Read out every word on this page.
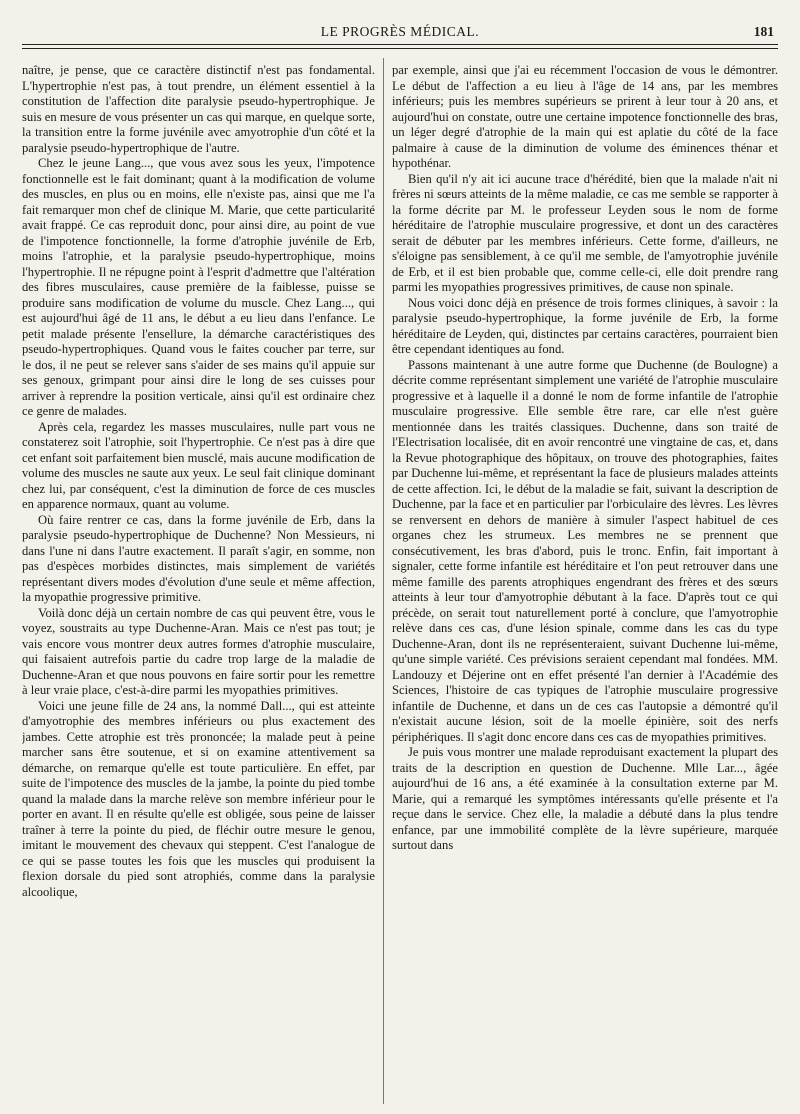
LE PROGRÈS MÉDICAL.	181

naître, je pense, que ce caractère distinctif n'est pas fondamental. L'hypertrophie n'est pas, à tout prendre, un élément essentiel à la constitution de l'affection dite paralysie pseudo-hypertrophique. Je suis en mesure de vous présenter un cas qui marque, en quelque sorte, la transition entre la forme juvénile avec amyotrophie d'un côté et la paralysie pseudo-hypertrophique de l'autre.

Chez le jeune Lang..., que vous avez sous les yeux, l'impotence fonctionnelle est le fait dominant; quant à la modification de volume des muscles, en plus ou en moins, elle n'existe pas, ainsi que me l'a fait remarquer mon chef de clinique M. Marie, que cette particularité avait frappé. Ce cas reproduit donc, pour ainsi dire, au point de vue de l'impotence fonctionnelle, la forme d'atrophie juvénile de Erb, moins l'atrophie, et la paralysie pseudo-hypertrophique, moins l'hypertrophie. Il ne répugne point à l'esprit d'admettre que l'altération des fibres musculaires, cause première de la faiblesse, puisse se produire sans modification de volume du muscle. Chez Lang..., qui est aujourd'hui âgé de 11 ans, le début a eu lieu dans l'enfance. Le petit malade présente l'ensellure, la démarche caractéristiques des pseudo-hypertrophiques. Quand vous le faites coucher par terre, sur le dos, il ne peut se relever sans s'aider de ses mains qu'il appuie sur ses genoux, grimpant pour ainsi dire le long de ses cuisses pour arriver à reprendre la position verticale, ainsi qu'il est ordinaire chez ce genre de malades.

Après cela, regardez les masses musculaires, nulle part vous ne constaterez soit l'atrophie, soit l'hypertrophie. Ce n'est pas à dire que cet enfant soit parfaitement bien musclé, mais aucune modification de volume des muscles ne saute aux yeux. Le seul fait clinique dominant chez lui, par conséquent, c'est la diminution de force de ces muscles en apparence normaux, quant au volume.

Où faire rentrer ce cas, dans la forme juvénile de Erb, dans la paralysie pseudo-hypertrophique de Duchenne? Non Messieurs, ni dans l'une ni dans l'autre exactement. Il paraît s'agir, en somme, non pas d'espèces morbides distinctes, mais simplement de variétés représentant divers modes d'évolution d'une seule et même affection, la myopathie progressive primitive.

Voilà donc déjà un certain nombre de cas qui peuvent être, vous le voyez, soustraits au type Duchenne-Aran. Mais ce n'est pas tout; je vais encore vous montrer deux autres formes d'atrophie musculaire, qui faisaient autrefois partie du cadre trop large de la maladie de Duchenne-Aran et que nous pouvons en faire sortir pour les remettre à leur vraie place, c'est-à-dire parmi les myopathies primitives.

Voici une jeune fille de 24 ans, la nommé Dall..., qui est atteinte d'amyotrophie des membres inférieurs ou plus exactement des jambes. Cette atrophie est très prononcée; la malade peut à peine marcher sans être soutenue, et si on examine attentivement sa démarche, on remarque qu'elle est toute particulière. En effet, par suite de l'impotence des muscles de la jambe, la pointe du pied tombe quand la malade dans la marche relève son membre inférieur pour le porter en avant. Il en résulte qu'elle est obligée, sous peine de laisser traîner à terre la pointe du pied, de fléchir outre mesure le genou, imitant le mouvement des chevaux qui steppent. C'est l'analogue de ce qui se passe toutes les fois que les muscles qui produisent la flexion dorsale du pied sont atrophiés, comme dans la paralysie alcoolique,

par exemple, ainsi que j'ai eu récemment l'occasion de vous le démontrer. Le début de l'affection a eu lieu à l'âge de 14 ans, par les membres inférieurs; puis les membres supérieurs se prirent à leur tour à 20 ans, et aujourd'hui on constate, outre une certaine impotence fonctionnelle des bras, un léger degré d'atrophie de la main qui est aplatie du côté de la face palmaire à cause de la diminution de volume des éminences thénar et hypothénar.

Bien qu'il n'y ait ici aucune trace d'hérédité, bien que la malade n'ait ni frères ni sœurs atteints de la même maladie, ce cas me semble se rapporter à la forme décrite par M. le professeur Leyden sous le nom de forme héréditaire de l'atrophie musculaire progressive, et dont un des caractères serait de débuter par les membres inférieurs. Cette forme, d'ailleurs, ne s'éloigne pas sensiblement, à ce qu'il me semble, de l'amyotrophie juvénile de Erb, et il est bien probable que, comme celle-ci, elle doit prendre rang parmi les myopathies progressives primitives, de cause non spinale.

Nous voici donc déjà en présence de trois formes cliniques, à savoir : la paralysie pseudo-hypertrophique, la forme juvénile de Erb, la forme héréditaire de Leyden, qui, distinctes par certains caractères, pourraient bien être cependant identiques au fond.

Passons maintenant à une autre forme que Duchenne (de Boulogne) a décrite comme représentant simplement une variété de l'atrophie musculaire progressive et à laquelle il a donné le nom de forme infantile de l'atrophie musculaire progressive. Elle semble être rare, car elle n'est guère mentionnée dans les traités classiques. Duchenne, dans son traité de l'Electrisation localisée, dit en avoir rencontré une vingtaine de cas, et, dans la Revue photographique des hôpitaux, on trouve des photographies, faites par Duchenne lui-même, et représentant la face de plusieurs malades atteints de cette affection. Ici, le début de la maladie se fait, suivant la description de Duchenne, par la face et en particulier par l'orbiculaire des lèvres. Les lèvres se renversent en dehors de manière à simuler l'aspect habituel de ces organes chez les strumeux. Les membres ne se prennent que consécutivement, les bras d'abord, puis le tronc. Enfin, fait important à signaler, cette forme infantile est héréditaire et l'on peut retrouver dans une même famille des parents atrophiques engendrant des frères et des sœurs atteints à leur tour d'amyotrophie débutant à la face. D'après tout ce qui précède, on serait tout naturellement porté à conclure, que l'amyotrophie relève dans ces cas, d'une lésion spinale, comme dans les cas du type Duchenne-Aran, dont ils ne représenteraient, suivant Duchenne lui-même, qu'une simple variété. Ces prévisions seraient cependant mal fondées. MM. Landouzy et Déjerine ont en effet présenté l'an dernier à l'Académie des Sciences, l'histoire de cas typiques de l'atrophie musculaire progressive infantile de Duchenne, et dans un de ces cas l'autopsie a démontré qu'il n'existait aucune lésion, soit de la moelle épinière, soit des nerfs périphériques. Il s'agit donc encore dans ces cas de myopathies primitives.

Je puis vous montrer une malade reproduisant exactement la plupart des traits de la description en question de Duchenne. Mlle Lar..., âgée aujourd'hui de 16 ans, a été examinée à la consultation externe par M. Marie, qui a remarqué les symptômes intéressants qu'elle présente et l'a reçue dans le service. Chez elle, la maladie a débuté dans la plus tendre enfance, par une immobilité complète de la lèvre supérieure, marquée surtout dans
